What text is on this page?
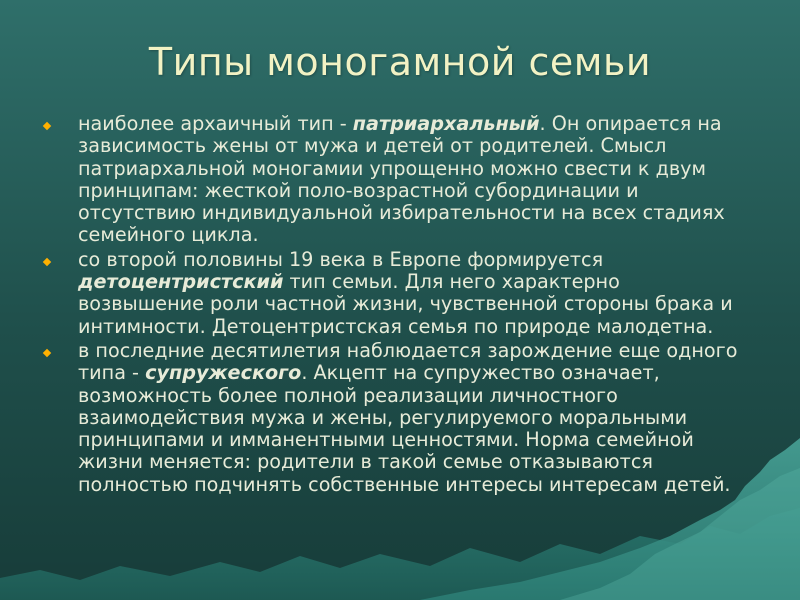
Типы моногамной семьи
наиболее архаичный тип - патриархальный. Он опирается на зависимость жены от мужа и детей от родителей. Смысл патриархальной моногамии упрощенно можно свести к двум принципам: жесткой поло-возрастной субординации и отсутствию индивидуальной избирательности на всех стадиях семейного цикла.
со второй половины 19 века в Европе формируется детоцентристский тип семьи. Для него характерно возвышение роли частной жизни, чувственной стороны брака и интимности. Детоцентристская семья по природе малодетна.
в последние десятилетия наблюдается зарождение еще одного типа - супружеского. Акцепт на супружество означает, возможность более полной реализации личностного взаимодействия мужа и жены, регулируемого моральными принципами и имманентными ценностями. Норма семейной жизни меняется: родители в такой семье отказываются полностью подчинять собственные интересы интересам детей.
